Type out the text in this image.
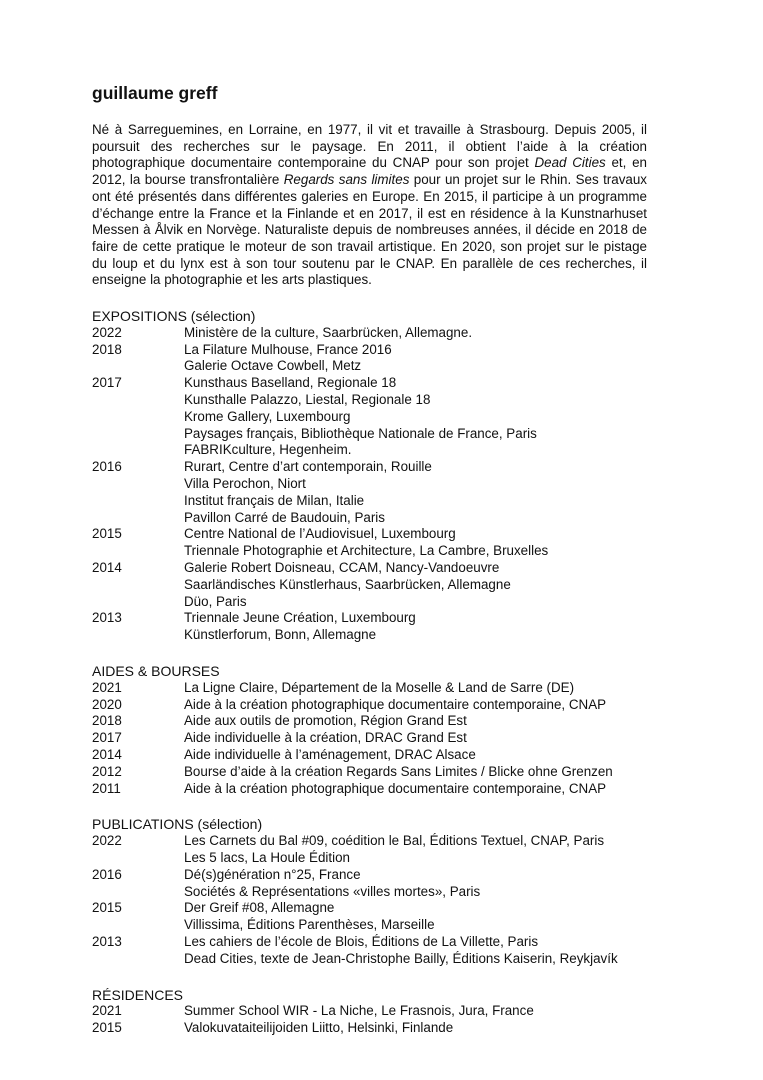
guillaume greff

Né à Sarreguemines, en Lorraine, en 1977, il vit et travaille à Strasbourg. Depuis 2005, il poursuit des recherches sur le paysage. En 2011, il obtient l’aide à la création photographique documentaire contemporaine du CNAP pour son projet Dead Cities et, en 2012, la bourse transfrontalière Regards sans limites pour un projet sur le Rhin. Ses travaux ont été présentés dans différentes galeries en Europe. En 2015, il participe à un programme d’échange entre la France et la Finlande et en 2017, il est en résidence à la Kunstnarhuset Messen à Ålvik en Norvège. Naturaliste depuis de nombreuses années, il décide en 2018 de faire de cette pratique le moteur de son travail artistique. En 2020, son projet sur le pistage du loup et du lynx est à son tour soutenu par le CNAP. En parallèle de ces recherches, il enseigne la photographie et les arts plastiques.

EXPOSITIONS (sélection)
2022	Ministère de la culture, Saarbrücken, Allemagne.
2018	La Filature Mulhouse, France 2016
Galerie Octave Cowbell, Metz
2017	Kunsthaus Baselland, Regionale 18
Kunsthalle Palazzo, Liestal, Regionale 18
Krome Gallery, Luxembourg
Paysages français, Bibliothèque Nationale de France, Paris
FABRIKculture, Hegenheim.
2016	Rurart, Centre d’art contemporain, Rouille
Villa Perochon, Niort
Institut français de Milan, Italie
Pavillon Carré de Baudouin, Paris
2015	Centre National de l’Audiovisuel, Luxembourg
Triennale Photographie et Architecture, La Cambre, Bruxelles
2014	Galerie Robert Doisneau, CCAM, Nancy-Vandoeuvre
Saarländisches Künstlerhaus, Saarbrücken, Allemagne
Düo, Paris
2013	Triennale Jeune Création, Luxembourg
Künstlerforum, Bonn, Allemagne
AIDES & BOURSES
2021	La Ligne Claire, Département de la Moselle & Land de Sarre (DE)
2020	Aide à la création photographique documentaire contemporaine, CNAP
2018	Aide aux outils de promotion, Région Grand Est
2017	Aide individuelle à la création, DRAC Grand Est
2014	Aide individuelle à l’aménagement, DRAC Alsace
2012	Bourse d’aide à la création Regards Sans Limites / Blicke ohne Grenzen
2011	Aide à la création photographique documentaire contemporaine, CNAP
PUBLICATIONS (sélection)
2022	Les Carnets du Bal #09, coédition le Bal, Éditions Textuel, CNAP, Paris
Les 5 lacs, La Houle Édition
2016	Dé(s)génération n°25, France
Sociétés & Représentations «villes mortes», Paris
2015	Der Greif #08, Allemagne
Villissima, Éditions Parenthèses, Marseille
2013	Les cahiers de l’école de Blois, Éditions de La Villette, Paris
Dead Cities, texte de Jean-Christophe Bailly, Éditions Kaiserin, Reykjavík
RÉSIDENCES
2021	Summer School WIR - La Niche, Le Frasnois, Jura, France
2015	Valokuvataiteilijoiden Liitto, Helsinki, Finlande
